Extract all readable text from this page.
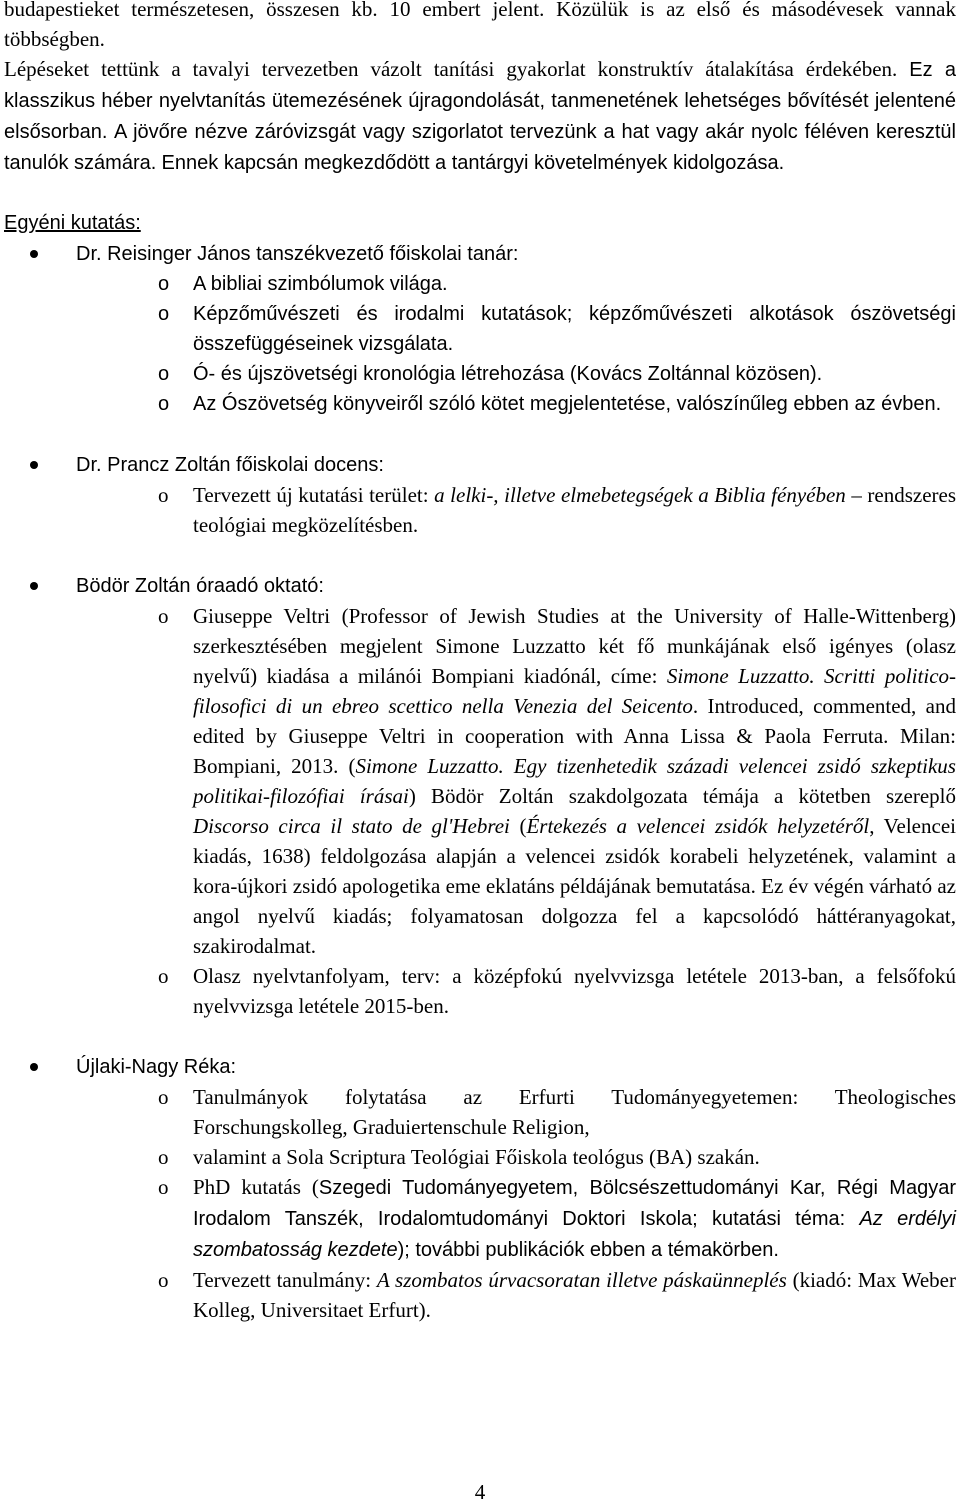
budapestieket természetesen, összesen kb. 10 embert jelent. Közülük is az első és másodévesek vannak többségben.

Lépéseket tettünk a tavalyi tervezetben vázolt tanítási gyakorlat konstruktív átalakítása érdekében. Ez a klasszikus héber nyelvtanítás ütemezésének újragondolását, tanmenetének lehetséges bővítését jelentené elsősorban. A jövőre nézve záróvizsgát vagy szigorlatot tervezünk a hat vagy akár nyolc féléven keresztül tanulók számára. Ennek kapcsán megkezdődött a tantárgyi követelmények kidolgozása.

Egyéni kutatás:

Dr. Reisinger János tanszékvezető főiskolai tanár:
o A bibliai szimbólumok világa.
o Képzőművészeti és irodalmi kutatások; képzőművészeti alkotások ószövetségi összefüggéseinek vizsgálata.
o Ó- és újszövetségi kronológia létrehozása (Kovács Zoltánnal közösen).
o Az Ószövetség könyveiről szóló kötet megjelentetése, valószínűleg ebben az évben.
Dr. Prancz Zoltán főiskolai docens:
o Tervezett új kutatási terület: a lelki-, illetve elmebetegségek a Biblia fényében – rendszeres teológiai megközelítésben.
Bödör Zoltán óraadó oktató:
o Giuseppe Veltri (Professor of Jewish Studies at the University of Halle-Wittenberg) szerkesztésében megjelent Simone Luzzatto két fő munkájának első igényes (olasz nyelvű) kiadása a milánói Bompiani kiadónál, címe: Simone Luzzatto. Scritti politico-filosofici di un ebreo scettico nella Venezia del Seicento. Introduced, commented, and edited by Giuseppe Veltri in cooperation with Anna Lissa & Paola Ferruta. Milan: Bompiani, 2013. (Simone Luzzatto. Egy tizenhetedik századi velencei zsidó szkeptikus politikai-filozófiai írásai) Bödör Zoltán szakdolgozata témája a kötetben szereplő Discorso circa il stato de gl'Hebrei (Értekezés a velencei zsidók helyzetéről, Velencei kiadás, 1638) feldolgozása alapján a velencei zsidók korabeli helyzetének, valamint a kora-újkori zsidó apologetika eme eklatáns példájának bemutatása. Ez év végén várható az angol nyelvű kiadás; folyamatosan dolgozza fel a kapcsolódó háttéranyagokat, szakirodalmat.
o Olasz nyelvtanfolyam, terv: a középfokú nyelvvizsga letétele 2013-ban, a felsőfokú nyelvvizsga letétele 2015-ben.
Újlaki-Nagy Réka:
o Tanulmányok folytatása az Erfurti Tudományegyetemen: Theologisches Forschungskolleg, Graduiertenschule Religion,
o valamint a Sola Scriptura Teológiai Főiskola teológus (BA) szakán.
o PhD kutatás (Szegedi Tudományegyetem, Bölcsészettudományi Kar, Régi Magyar Irodalom Tanszék, Irodalomtudományi Doktori Iskola; kutatási téma: Az erdélyi szombatosság kezdete); további publikációk ebben a témakörben.
o Tervezett tanulmány: A szombatos úrvacsoratan illetve páskaünneplés (kiadó: Max Weber Kolleg, Universitaet Erfurt).
4
